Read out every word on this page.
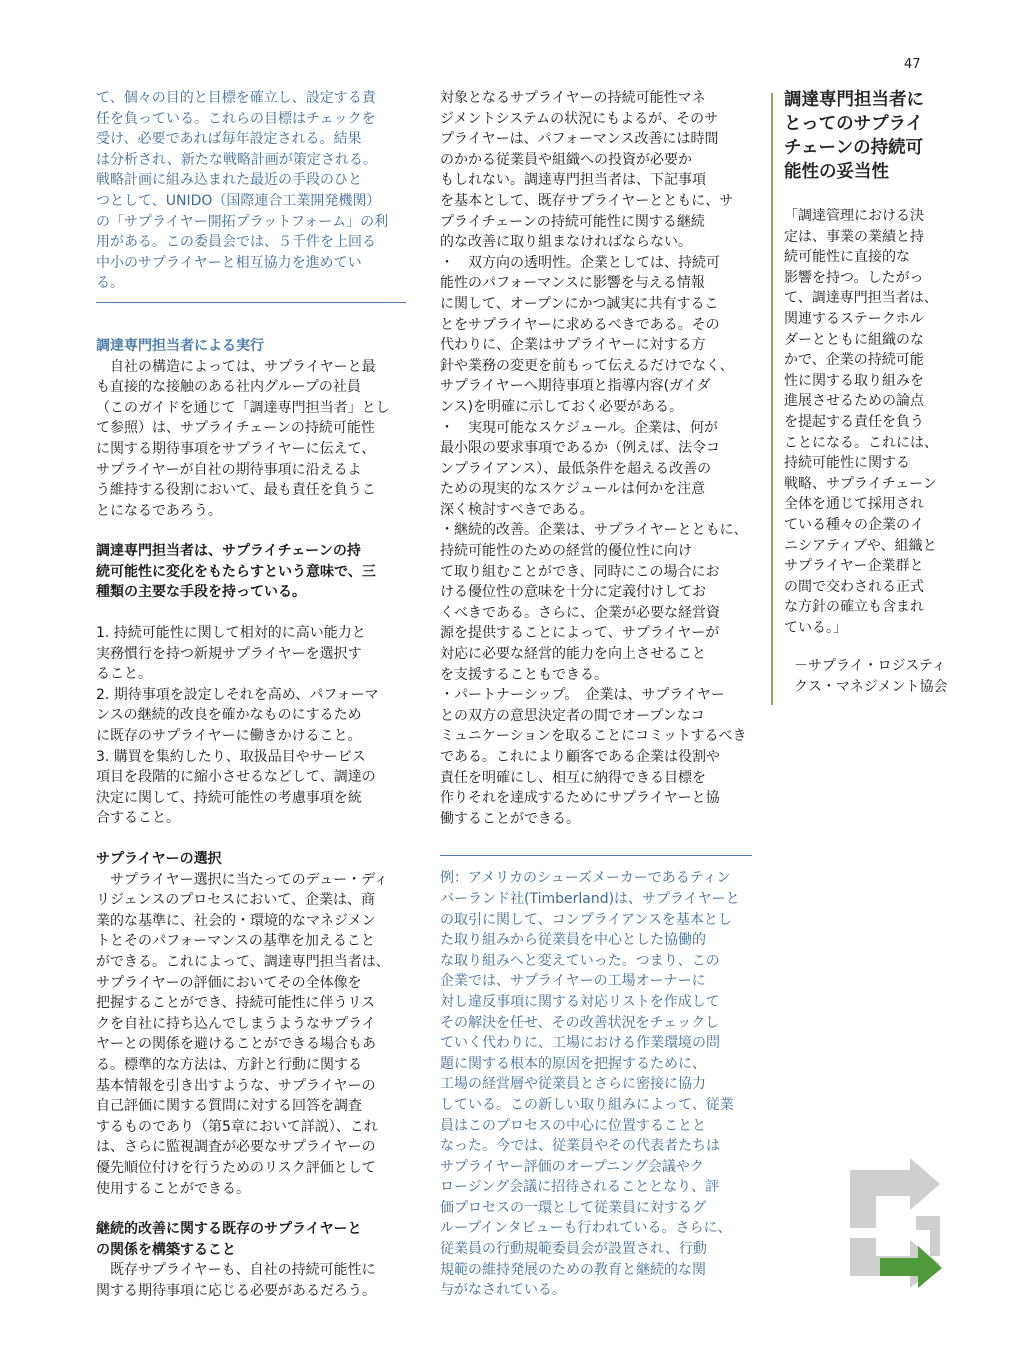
47

て、個々の目的と目標を確立し、設定する責

任を負っている。これらの目標はチェックを

受け、必要であれば毎年設定される。結果

は分析され、新たな戦略計画が策定される。

戦略計画に組み込まれた最近の手段のひと

つとして、UNIDO（国際連合工業開発機関）

の「サプライヤー開拓プラットフォーム」の利

用がある。この委員会では、５千件を上回る

中小のサプライヤーと相互協力を進めてい

る。

調達専門担当者による実行

　自社の構造によっては、サプライヤーと最

も直接的な接触のある社内グループの社員

（このガイドを通じて「調達専門担当者」とし

て参照）は、サプライチェーンの持続可能性

に関する期待事項をサプライヤーに伝えて、

サプライヤーが自社の期待事項に沿えるよ

う維持する役割において、最も責任を負うこ

とになるであろう。

調達専門担当者は、サプライチェーンの持

続可能性に変化をもたらすという意味で、三

種類の主要な手段を持っている。

1. 持続可能性に関して相対的に高い能力と

実務慣行を持つ新規サプライヤーを選択す

ること。

2. 期待事項を設定しそれを高め、パフォーマ

ンスの継続的改良を確かなものにするため

に既存のサプライヤーに働きかけること。

3. 購買を集約したり、取扱品目やサービス

項目を段階的に縮小させるなどして、調達の

決定に関して、持続可能性の考慮事項を統

合すること。

サプライヤーの選択

　サプライヤー選択に当たってのデュー・ディ

リジェンスのプロセスにおいて、企業は、商

業的な基準に、社会的・環境的なマネジメン

トとそのパフォーマンスの基準を加えること

ができる。これによって、調達専門担当者は、

サプライヤーの評価においてその全体像を

把握することができ、持続可能性に伴うリス

クを自社に持ち込んでしまうようなサプライ

ヤーとの関係を避けることができる場合もあ

る。標準的な方法は、方針と行動に関する

基本情報を引き出すような、サプライヤーの

自己評価に関する質問に対する回答を調査

するものであり（第5章において詳説）、これ

は、さらに監視調査が必要なサプライヤーの

優先順位付けを行うためのリスク評価として

使用することができる。

継続的改善に関する既存のサプライヤーと

の関係を構築すること

　既存サプライヤーも、自社の持続可能性に

関する期待事項に応じる必要があるだろう。

対象となるサプライヤーの持続可能性マネ

ジメントシステムの状況にもよるが、そのサ

プライヤーは、パフォーマンス改善には時間

のかかる従業員や組織への投資が必要か

もしれない。調達専門担当者は、下記事項

を基本として、既存サプライヤーとともに、サ

プライチェーンの持続可能性に関する継続

的な改善に取り組まなければならない。

・　双方向の透明性。企業としては、持続可

能性のパフォーマンスに影響を与える情報

に関して、オープンにかつ誠実に共有するこ

とをサプライヤーに求めるべきである。その

代わりに、企業はサプライヤーに対する方

針や業務の変更を前もって伝えるだけでなく、

サプライヤーへ期待事項と指導内容(ガイダ

ンス)を明確に示しておく必要がある。

・　実現可能なスケジュール。企業は、何が

最小限の要求事項であるか（例えば、法令コ

ンプライアンス）、最低条件を超える改善の

ための現実的なスケジュールは何かを注意

深く検討すべきである。

・継続的改善。企業は、サプライヤーとともに、

持続可能性のための経営的優位性に向け

て取り組むことができ、同時にこの場合にお

ける優位性の意味を十分に定義付けしてお

くべきである。さらに、企業が必要な経営資

源を提供することによって、サプライヤーが

対応に必要な経営的能力を向上させること

を支援することもできる。

・パートナーシップ。　企業は、サプライヤー

との双方の意思決定者の間でオープンなコ

ミュニケーションを取ることにコミットするべき

である。これにより顧客である企業は役割や

責任を明確にし、相互に納得できる目標を

作りそれを達成するためにサプライヤーと協

働することができる。

例：アメリカのシューズメーカーであるティン

バーランド社(Timberland)は、サプライヤーと

の取引に関して、コンプライアンスを基本とし

た取り組みから従業員を中心とした協働的

な取り組みへと変えていった。つまり、この

企業では、サプライヤーの工場オーナーに

対し違反事項に関する対応リストを作成して

その解決を任せ、その改善状況をチェックし

ていく代わりに、工場における作業環境の問

題に関する根本的原因を把握するために、

工場の経営層や従業員とさらに密接に協力

している。この新しい取り組みによって、従業

員はこのプロセスの中心に位置することと

なった。今では、従業員やその代表者たちは

サプライヤー評価のオープニング会議やク

ロージング会議に招待されることとなり、評

価プロセスの一環として従業員に対するグ

ループインタビューも行われている。さらに、

従業員の行動規範委員会が設置され、行動

規範の維持発展のための教育と継続的な関

与がなされている。

調達専門担当者に

とってのサプライ

チェーンの持続可

能性の妥当性

「調達管理における決

定は、事業の業績と持

続可能性に直接的な

影響を持つ。したがっ

て、調達専門担当者は、

関連するステークホル

ダーとともに組織のな

かで、企業の持続可能

性に関する取り組みを

進展させるための論点

を提起する責任を負う

ことになる。これには、

持続可能性に関する

戦略、サプライチェーン

全体を通じて採用され

ている種々の企業のイ

ニシアティブや、組織と

サプライヤー企業群と

の間で交わされる正式

な方針の確立も含まれ

ている。」

－サプライ・ロジスティ

クス・マネジメント協会
